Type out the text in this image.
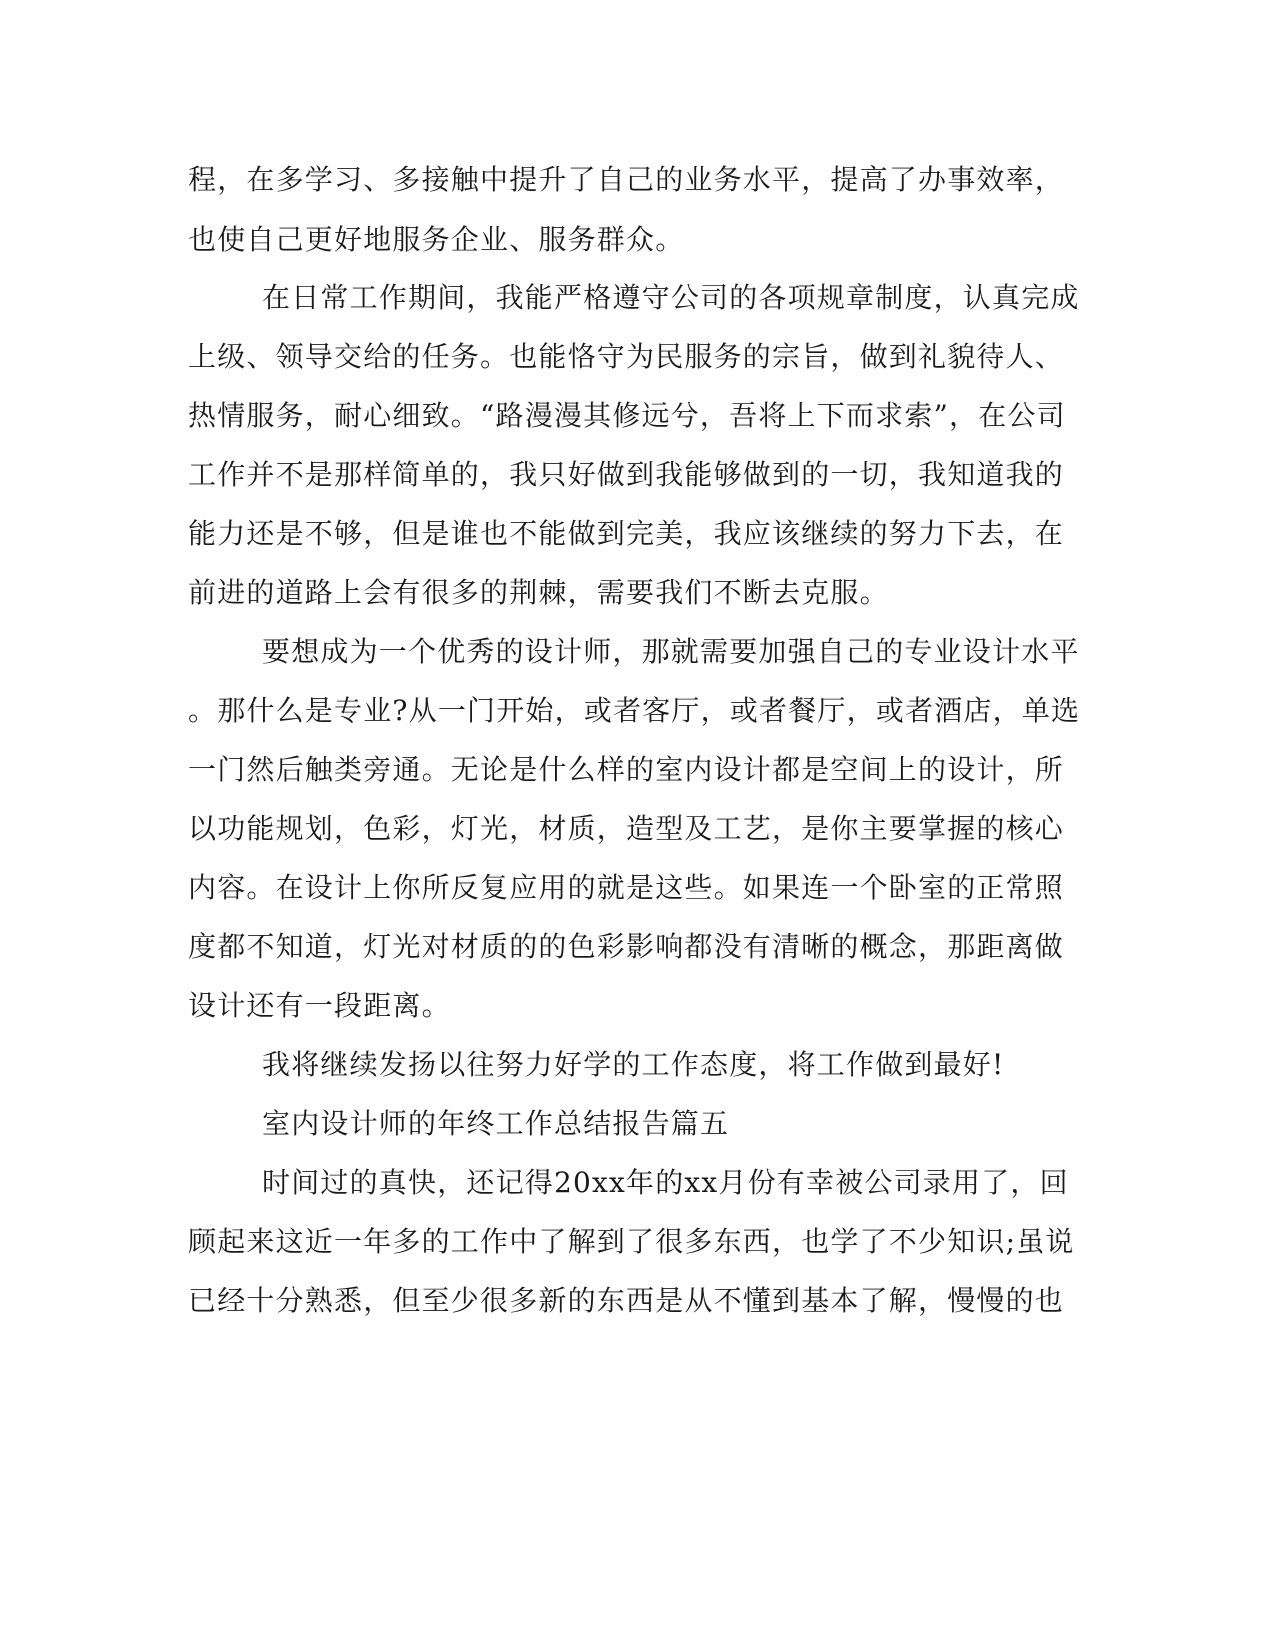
程，在多学习、多接触中提升了自己的业务水平，提高了办事效率，
也使自己更好地服务企业、服务群众。
在日常工作期间，我能严格遵守公司的各项规章制度，认真完成
上级、领导交给的任务。也能恪守为民服务的宗旨，做到礼貌待人、
热情服务，耐心细致。“路漫漫其修远兮，吾将上下而求索”，在公司
工作并不是那样简单的，我只好做到我能够做到的一切，我知道我的
能力还是不够，但是谁也不能做到完美，我应该继续的努力下去，在
前进的道路上会有很多的荆棘，需要我们不断去克服。
要想成为一个优秀的设计师，那就需要加强自己的专业设计水平
。那什么是专业?从一门开始，或者客厅，或者餐厅，或者酒店，单选
一门然后触类旁通。无论是什么样的室内设计都是空间上的设计，所
以功能规划，色彩，灯光，材质，造型及工艺，是你主要掌握的核心
内容。在设计上你所反复应用的就是这些。如果连一个卧室的正常照
度都不知道，灯光对材质的的色彩影响都没有清晰的概念，那距离做
设计还有一段距离。
我将继续发扬以往努力好学的工作态度，将工作做到最好!
室内设计师的年终工作总结报告篇五
时间过的真快，还记得20xx年的xx月份有幸被公司录用了，回
顾起来这近一年多的工作中了解到了很多东西，也学了不少知识;虽说
已经十分熟悉，但至少很多新的东西是从不懂到基本了解，慢慢的也
